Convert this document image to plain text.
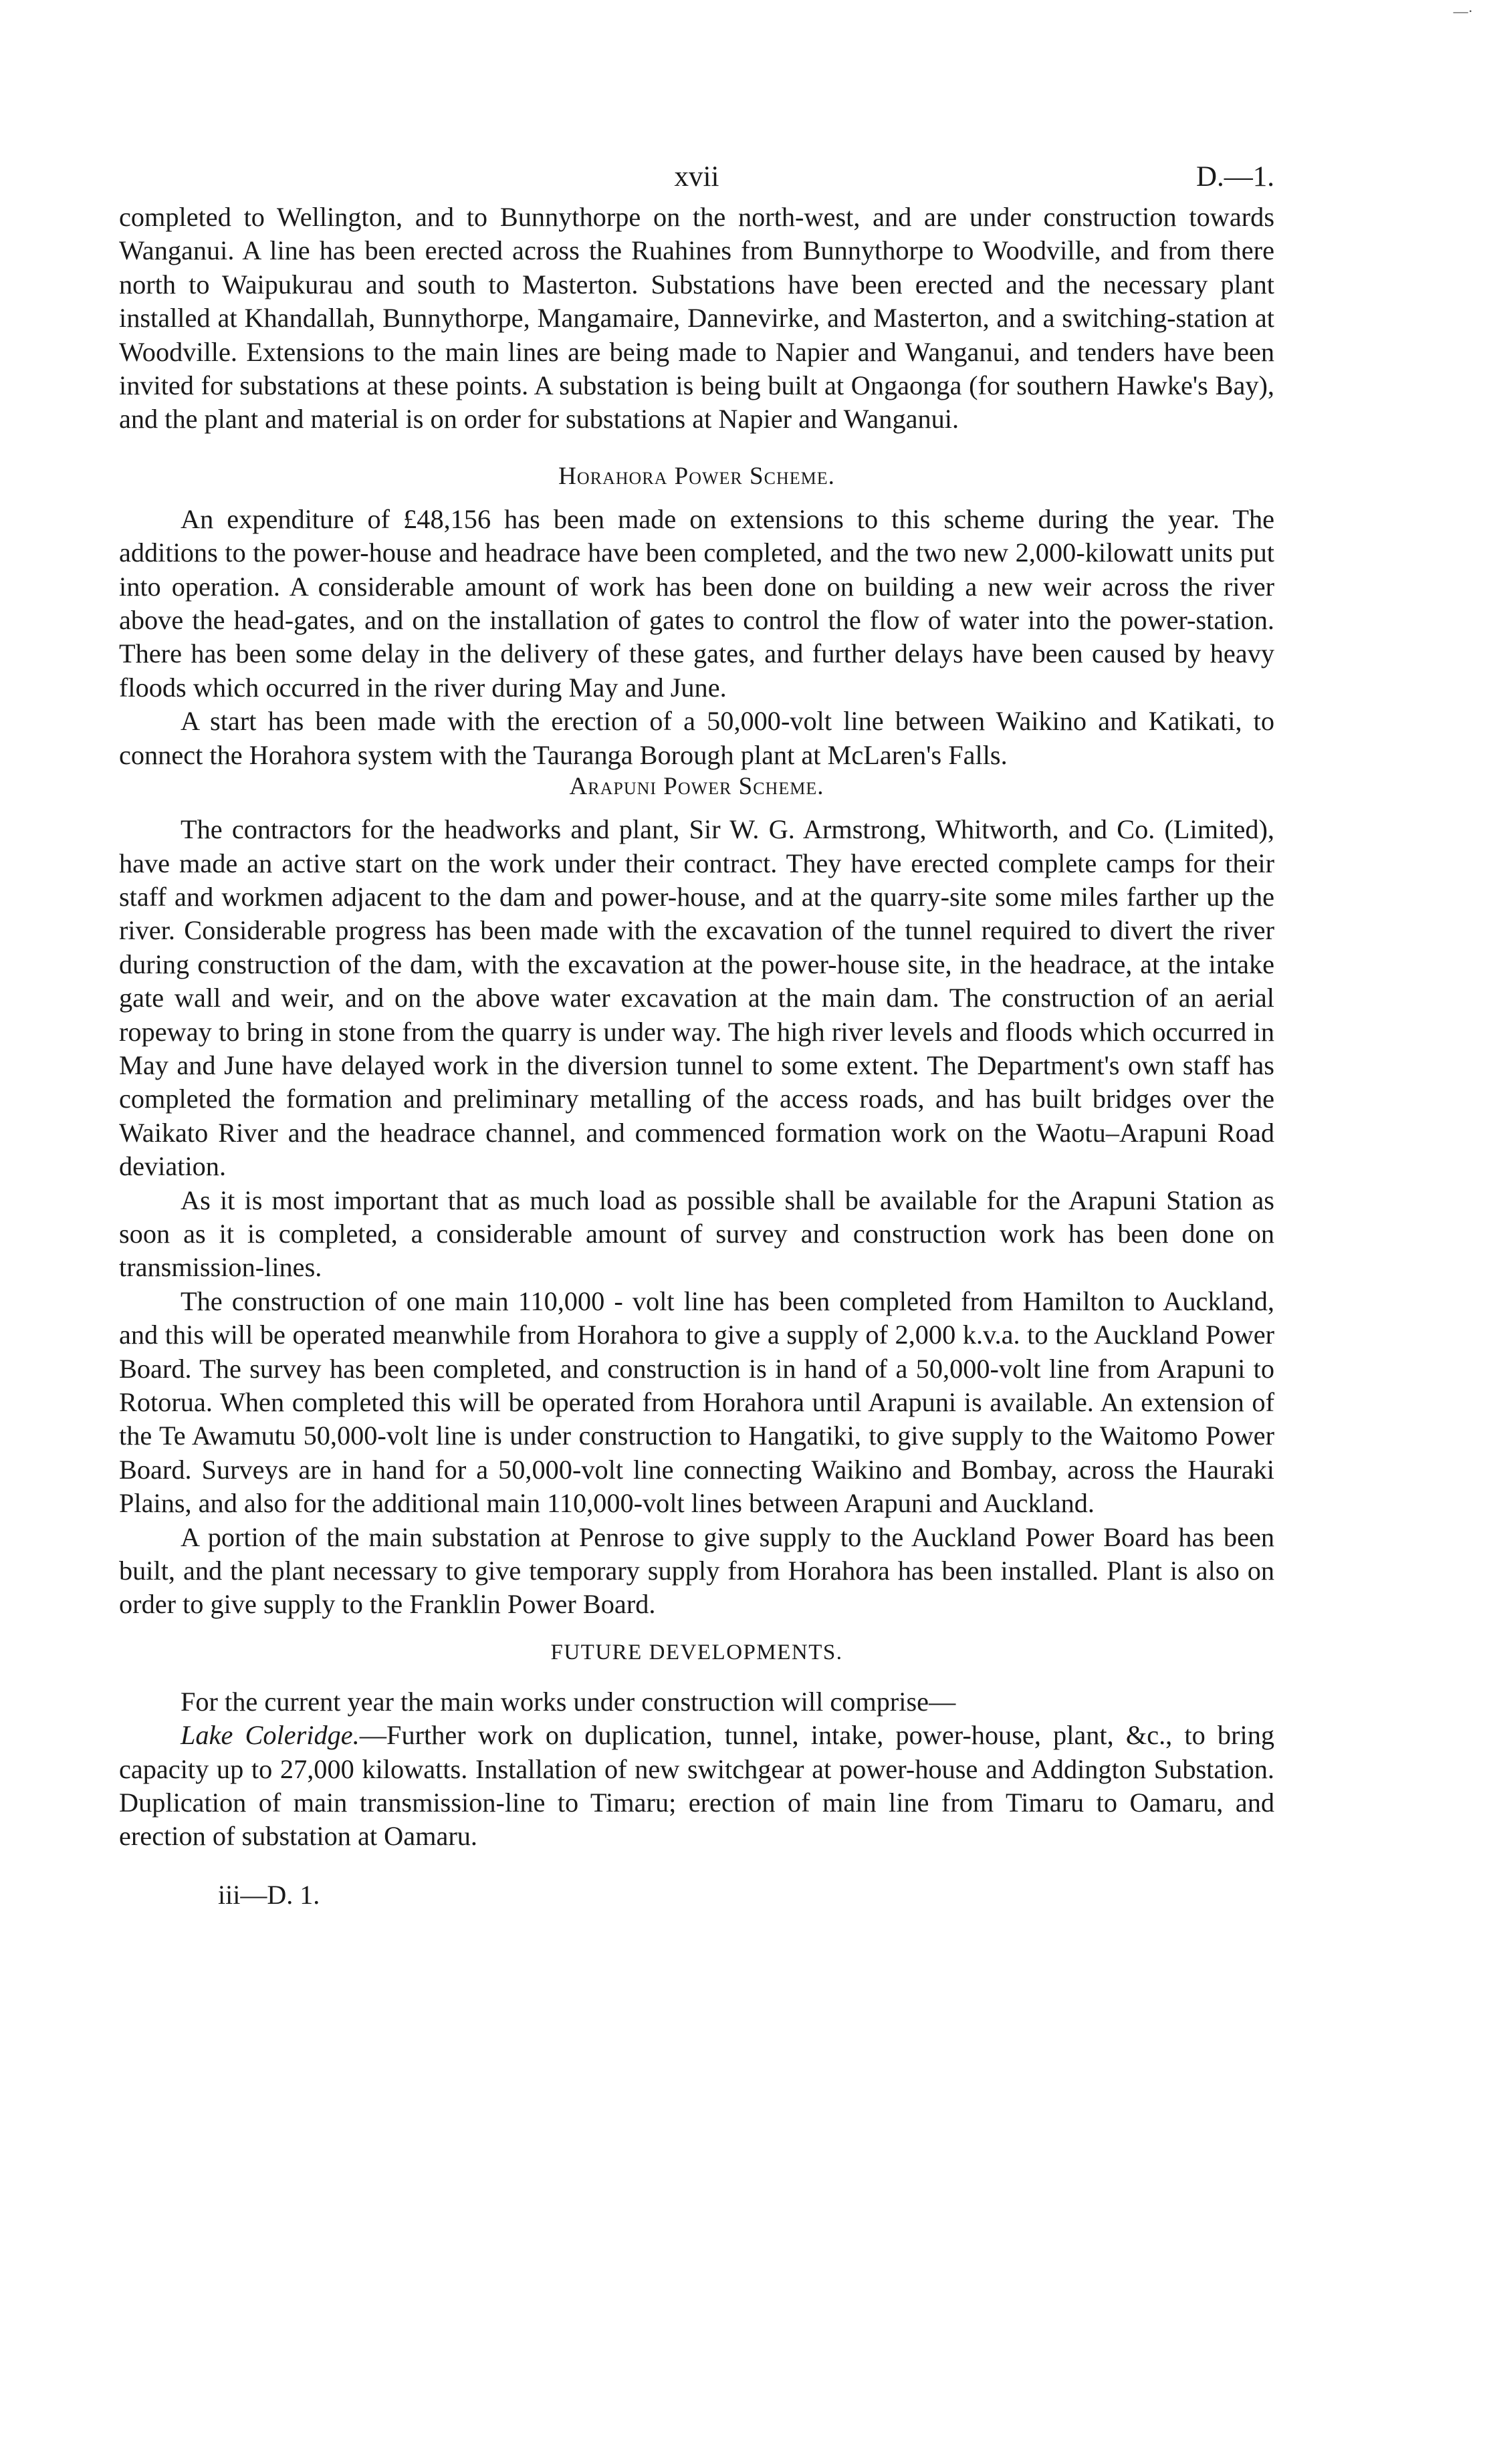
—·
xvii	D.—1.

completed to Wellington, and to Bunnythorpe on the north-west, and are under construction towards Wanganui. A line has been erected across the Ruahines from Bunnythorpe to Woodville, and from there north to Waipukurau and south to Masterton. Substations have been erected and the necessary plant installed at Khandallah, Bunnythorpe, Mangamaire, Dannevirke, and Masterton, and a switching-station at Woodville. Extensions to the main lines are being made to Napier and Wanganui, and tenders have been invited for substations at these points. A substation is being built at Ongaonga (for southern Hawke's Bay), and the plant and material is on order for substations at Napier and Wanganui.

Horahora Power Scheme.

An expenditure of £48,156 has been made on extensions to this scheme during the year. The additions to the power-house and headrace have been completed, and the two new 2,000-kilowatt units put into operation. A considerable amount of work has been done on building a new weir across the river above the head-gates, and on the installation of gates to control the flow of water into the power-station. There has been some delay in the delivery of these gates, and further delays have been caused by heavy floods which occurred in the river during May and June.

A start has been made with the erection of a 50,000-volt line between Waikino and Katikati, to connect the Horahora system with the Tauranga Borough plant at McLaren's Falls.

Arapuni Power Scheme.

The contractors for the headworks and plant, Sir W. G. Armstrong, Whitworth, and Co. (Limited), have made an active start on the work under their contract. They have erected complete camps for their staff and workmen adjacent to the dam and power-house, and at the quarry-site some miles farther up the river. Considerable progress has been made with the excavation of the tunnel required to divert the river during construction of the dam, with the excavation at the power-house site, in the headrace, at the intake gate wall and weir, and on the above water excavation at the main dam. The construction of an aerial ropeway to bring in stone from the quarry is under way. The high river levels and floods which occurred in May and June have delayed work in the diversion tunnel to some extent. The Department's own staff has completed the formation and preliminary metalling of the access roads, and has built bridges over the Waikato River and the headrace channel, and commenced formation work on the Waotu–Arapuni Road deviation.

As it is most important that as much load as possible shall be available for the Arapuni Station as soon as it is completed, a considerable amount of survey and construction work has been done on transmission-lines.

The construction of one main 110,000 - volt line has been completed from Hamilton to Auckland, and this will be operated meanwhile from Horahora to give a supply of 2,000 k.v.a. to the Auckland Power Board. The survey has been completed, and construction is in hand of a 50,000-volt line from Arapuni to Rotorua. When completed this will be operated from Horahora until Arapuni is available. An extension of the Te Awamutu 50,000-volt line is under construction to Hangatiki, to give supply to the Waitomo Power Board. Surveys are in hand for a 50,000-volt line connecting Waikino and Bombay, across the Hauraki Plains, and also for the additional main 110,000-volt lines between Arapuni and Auckland.

A portion of the main substation at Penrose to give supply to the Auckland Power Board has been built, and the plant necessary to give temporary supply from Horahora has been installed. Plant is also on order to give supply to the Franklin Power Board.

FUTURE DEVELOPMENTS.

For the current year the main works under construction will comprise—

Lake Coleridge.—Further work on duplication, tunnel, intake, power-house, plant, &c., to bring capacity up to 27,000 kilowatts. Installation of new switchgear at power-house and Addington Substation. Duplication of main transmission-line to Timaru; erection of main line from Timaru to Oamaru, and erection of substation at Oamaru.

iii—D. 1.
